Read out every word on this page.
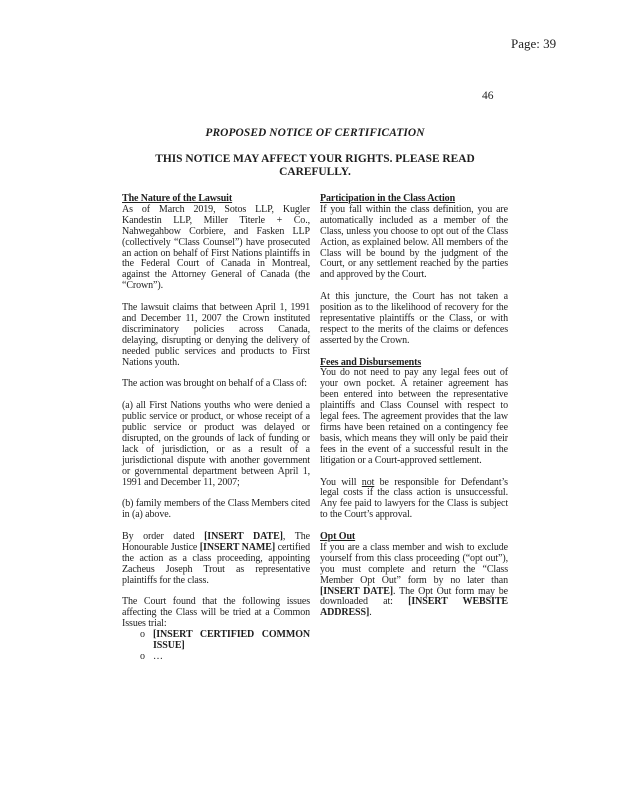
Page: 39
46
PROPOSED NOTICE OF CERTIFICATION
THIS NOTICE MAY AFFECT YOUR RIGHTS. PLEASE READ CAREFULLY.
The Nature of the Lawsuit

As of March 2019, Sotos LLP, Kugler Kandestin LLP, Miller Titerle + Co., Nahwegahbow Corbiere, and Fasken LLP (collectively “Class Counsel”) have prosecuted an action on behalf of First Nations plaintiffs in the Federal Court of Canada in Montreal, against the Attorney General of Canada (the “Crown”).

The lawsuit claims that between April 1, 1991 and December 11, 2007 the Crown instituted discriminatory policies across Canada, delaying, disrupting or denying the delivery of needed public services and products to First Nations youth.

The action was brought on behalf of a Class of:

(a) all First Nations youths who were denied a public service or product, or whose receipt of a public service or product was delayed or disrupted, on the grounds of lack of funding or lack of jurisdiction, or as a result of a jurisdictional dispute with another government or governmental department between April 1, 1991 and December 11, 2007;

(b) family members of the Class Members cited in (a) above.

By order dated [INSERT DATE], The Honourable Justice [INSERT NAME] certified the action as a class proceeding, appointing Zacheus Joseph Trout as representative plaintiffs for the class.

The Court found that the following issues affecting the Class will be tried at a Common Issues trial:

o [INSERT CERTIFIED COMMON ISSUE]
o …
Participation in the Class Action

If you fall within the class definition, you are automatically included as a member of the Class, unless you choose to opt out of the Class Action, as explained below. All members of the Class will be bound by the judgment of the Court, or any settlement reached by the parties and approved by the Court.

At this juncture, the Court has not taken a position as to the likelihood of recovery for the representative plaintiffs or the Class, or with respect to the merits of the claims or defences asserted by the Crown.

Fees and Disbursements

You do not need to pay any legal fees out of your own pocket. A retainer agreement has been entered into between the representative plaintiffs and Class Counsel with respect to legal fees. The agreement provides that the law firms have been retained on a contingency fee basis, which means they will only be paid their fees in the event of a successful result in the litigation or a Court-approved settlement.

You will not be responsible for Defendant’s legal costs if the class action is unsuccessful. Any fee paid to lawyers for the Class is subject to the Court’s approval.

Opt Out

If you are a class member and wish to exclude yourself from this class proceeding (“opt out”), you must complete and return the “Class Member Opt Out” form by no later than [INSERT DATE]. The Opt Out form may be downloaded at: [INSERT WEBSITE ADDRESS].
